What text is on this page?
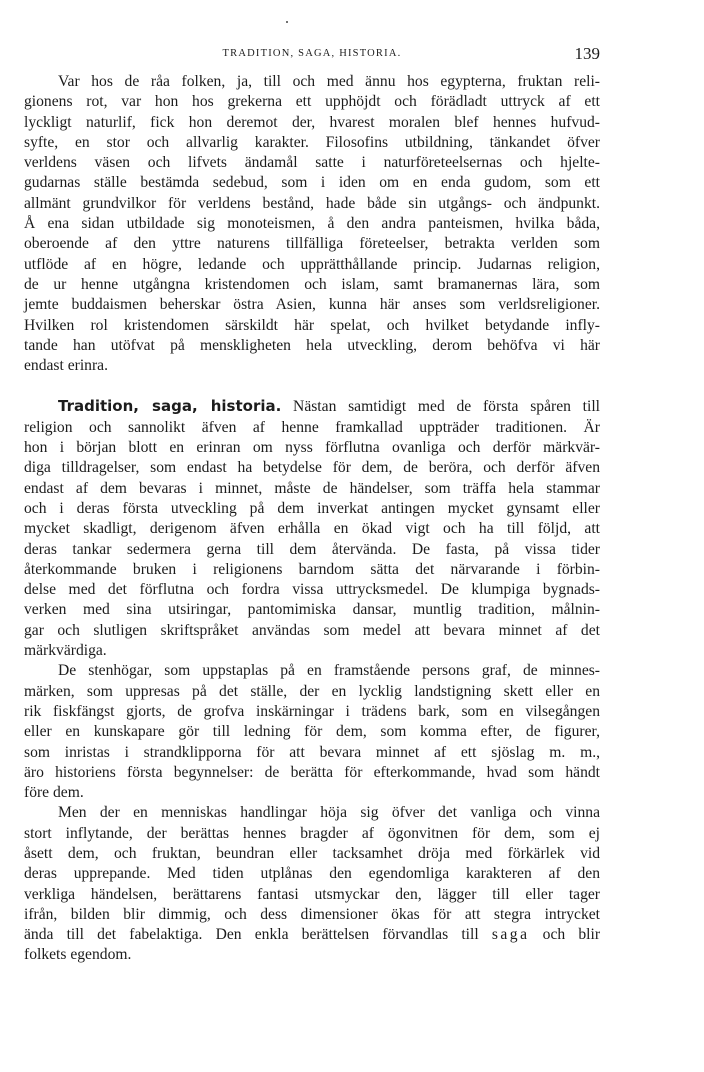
TRADITION, SAGA, HISTORIA.	139
Var hos de råa folken, ja, till och med ännu hos egypterna, fruktan reli-
gionens rot, var hon hos grekerna ett upphöjdt och förädladt uttryck af ett
lyckligt naturlif, fick hon deremot der, hvarest moralen blef hennes hufvud-
syfte, en stor och allvarlig karakter. Filosofins utbildning, tänkandet öfver
verldens väsen och lifvets ändamål satte i naturföreteelsernas och hjelte-
gudarnas ställe bestämda sedebud, som i iden om en enda gudom, som ett
allmänt grundvilkor för verldens bestånd, hade både sin utgångs- och ändpunkt.
Å ena sidan utbildade sig monoteismen, å den andra panteismen, hvilka båda,
oberoende af den yttre naturens tillfälliga företeelser, betrakta verlden som
utflöde af en högre, ledande och upprätthållande princip. Judarnas religion,
de ur henne utgångna kristendomen och islam, samt bramanernas lära, som
jemte buddaismen beherskar östra Asien, kunna här anses som verldsreligioner.
Hvilken rol kristendomen särskildt här spelat, och hvilket betydande infly-
tande han utöfvat på menskligheten hela utveckling, derom behöfva vi här
endast erinra.
Tradition, saga, historia. Nästan samtidigt med de första spåren till
religion och sannolikt äfven af henne framkallad uppträder traditionen. Är
hon i början blott en erinran om nyss förflutna ovanliga och derför märkvär-
diga tilldragelser, som endast ha betydelse för dem, de beröra, och derför äfven
endast af dem bevaras i minnet, måste de händelser, som träffa hela stammar
och i deras första utveckling på dem inverkat antingen mycket gynsamt eller
mycket skadligt, derigenom äfven erhålla en ökad vigt och ha till följd, att
deras tankar sedermera gerna till dem återvända. De fasta, på vissa tider
återkommande bruken i religionens barndom sätta det närvarande i förbin-
delse med det förflutna och fordra vissa uttrycksmedel. De klumpiga bygnads-
verken med sina utsiringar, pantomimiska dansar, muntlig tradition, målnin-
gar och slutligen skriftspråket användas som medel att bevara minnet af det
märkvärdiga.
De stenhögar, som uppstaplas på en framstående persons graf, de minnes-
märken, som uppresas på det ställe, der en lycklig landstigning skett eller en
rik fiskfängst gjorts, de grofva inskärningar i trädens bark, som en vilsegången
eller en kunskapare gör till ledning för dem, som komma efter, de figurer,
som inristas i strandklipporna för att bevara minnet af ett sjöslag m. m.,
äro historiens första begynnelser: de berätta för efterkommande, hvad som händt
före dem.
Men der en menniskas handlingar höja sig öfver det vanliga och vinna
stort inflytande, der berättas hennes bragder af ögonvitnen för dem, som ej
åsett dem, och fruktan, beundran eller tacksamhet dröja med förkärlek vid
deras upprepande. Med tiden utplånas den egendomliga karakteren af den
verkliga händelsen, berättarens fantasi utsmyckar den, lägger till eller tager
ifrån, bilden blir dimmig, och dess dimensioner ökas för att stegra intrycket
ända till det fabelaktiga. Den enkla berättelsen förvandlas till saga och blir
folkets egendom.
